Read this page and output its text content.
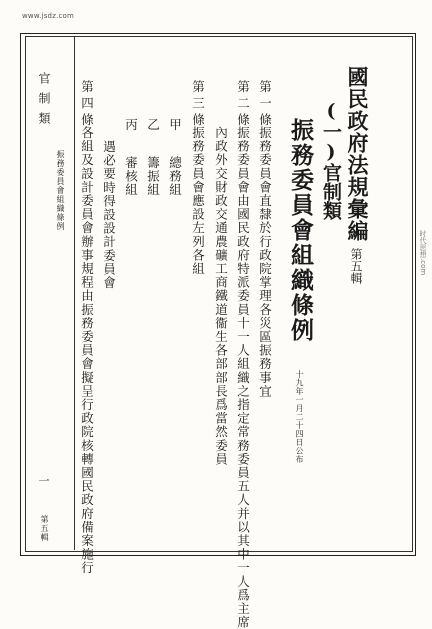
www.jsdz.com
时代思想.com
國民政府法規彙編
第五輯
(一)官制類
振務委員會組織條例
十九年一月二十四日公布
第一條
第二條
第三條
甲
乙
丙	振務委員會直隸於行政院掌理各災區振務事宜
振務委員會由國民政府特派委員十一人組織之指定常務委員五人并以其中一人爲主席
內政外交財政交通農礦工商鐵道衞生各部部長爲當然委員
振務委員會應設左列各組
總務組
籌振組
審核組
遇必要時得設設計委員會
第四條
各組及設計委員會辦事規程由振務委員會擬呈行政院核轉國民政府備案施行
官制類
振務委員會組織條例
一
第五輯
